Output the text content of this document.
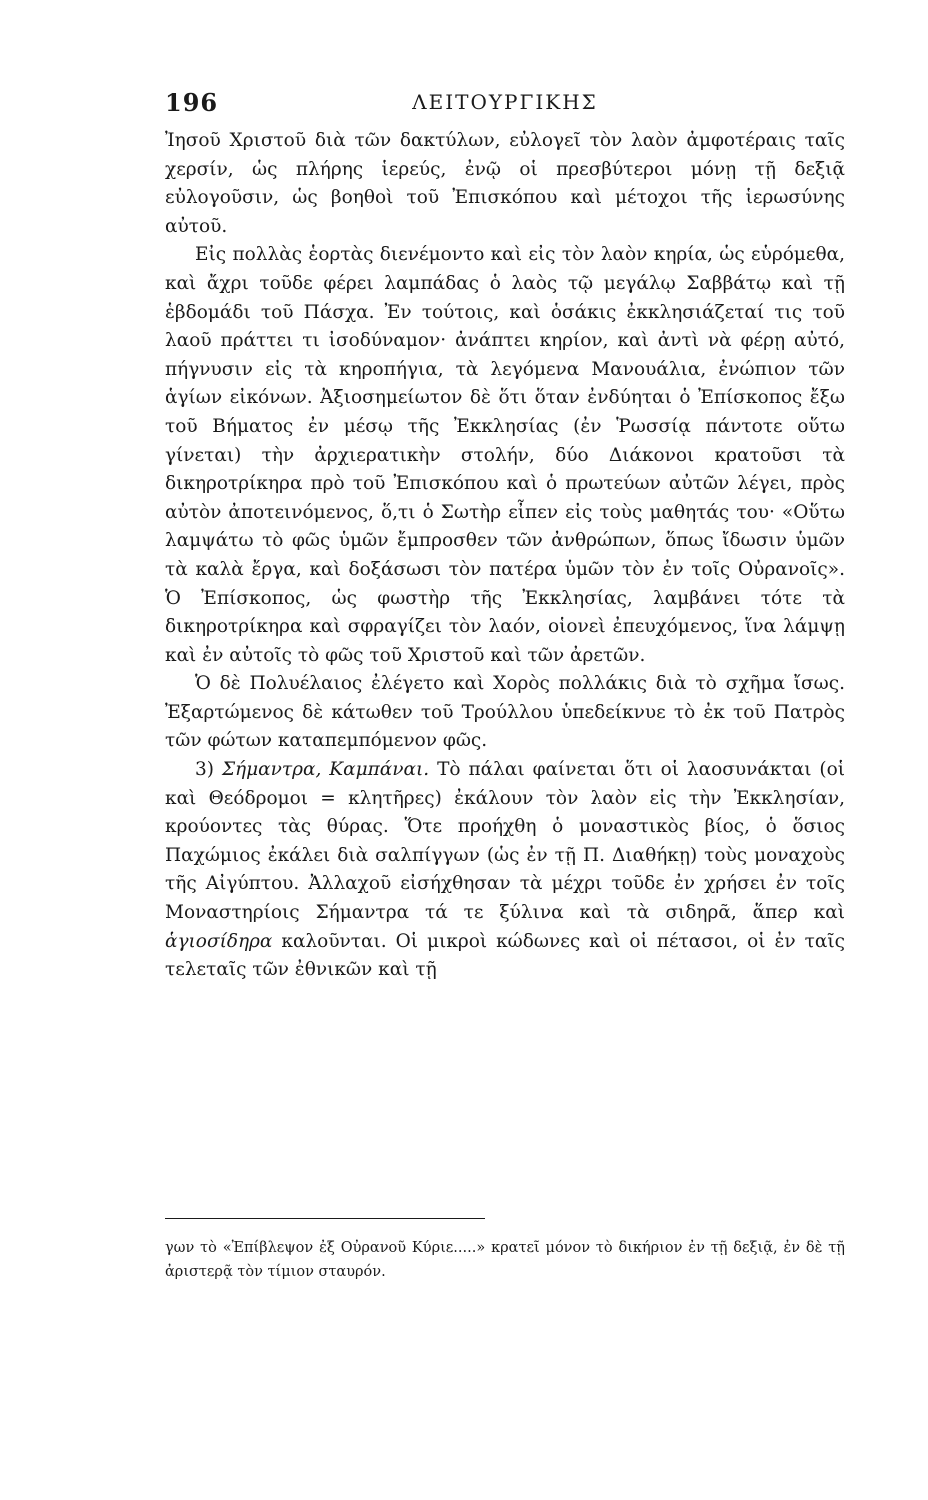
196	ΛΕΙΤΟΥΡΓΙΚΗΣ

Ἰησοῦ Χριστοῦ διὰ τῶν δακτύλων, εὐλογεῖ τὸν λαὸν ἀμφοτέραις ταῖς χερσίν, ὡς πλήρης ἱερεύς, ἐνῷ οἱ πρεσβύτεροι μόνῃ τῇ δεξιᾷ εὐλογοῦσιν, ὡς βοηθοὶ τοῦ Ἐπισκόπου καὶ μέτοχοι τῆς ἱερωσύνης αὐτοῦ.

Εἰς πολλὰς ἑορτὰς διενέμοντο καὶ εἰς τὸν λαὸν κηρία, ὡς εὑρόμεθα, καὶ ἄχρι τοῦδε φέρει λαμπάδας ὁ λαὸς τῷ μεγάλῳ Σαββάτῳ καὶ τῇ ἑβδομάδι τοῦ Πάσχα. Ἐν τούτοις, καὶ ὁσάκις ἐκκλησιάζεταί τις τοῦ λαοῦ πράττει τι ἰσοδύναμον· ἀνάπτει κηρίον, καὶ ἀντὶ νὰ φέρῃ αὐτό, πήγνυσιν εἰς τὰ κηροπήγια, τὰ λεγόμενα Μανουάλια, ἐνώπιον τῶν ἁγίων εἰκόνων. Ἀξιοσημείωτον δὲ ὅτι ὅταν ἐνδύηται ὁ Ἐπίσκοπος ἔξω τοῦ Βήματος ἐν μέσῳ τῆς Ἐκκλησίας (ἐν Ῥωσσίᾳ πάντοτε οὕτω γίνεται) τὴν ἀρχιερατικὴν στολήν, δύο Διάκονοι κρατοῦσι τὰ δικηροτρίκηρα πρὸ τοῦ Ἐπισκόπου καὶ ὁ πρωτεύων αὐτῶν λέγει, πρὸς αὐτὸν ἀποτεινόμενος, ὅ,τι ὁ Σωτὴρ εἶπεν εἰς τοὺς μαθητάς του· «Οὕτω λαμψάτω τὸ φῶς ὑμῶν ἔμπροσθεν τῶν ἀνθρώπων, ὅπως ἴδωσιν ὑμῶν τὰ καλὰ ἔργα, καὶ δοξάσωσι τὸν πατέρα ὑμῶν τὸν ἐν τοῖς Οὐρανοῖς». Ὁ Ἐπίσκοπος, ὡς φωστὴρ τῆς Ἐκκλησίας, λαμβάνει τότε τὰ δικηροτρίκηρα καὶ σφραγίζει τὸν λαόν, οἱονεὶ ἐπευχόμενος, ἵνα λάμψῃ καὶ ἐν αὐτοῖς τὸ φῶς τοῦ Χριστοῦ καὶ τῶν ἀρετῶν.

Ὁ δὲ Πολυέλαιος ἐλέγετο καὶ Χορὸς πολλάκις διὰ τὸ σχῆμα ἴσως. Ἐξαρτώμενος δὲ κάτωθεν τοῦ Τρούλλου ὑπεδείκνυε τὸ ἐκ τοῦ Πατρὸς τῶν φώτων καταπεμπόμενον φῶς.

3) Σήμαντρα, Καμπάναι. Τὸ πάλαι φαίνεται ὅτι οἱ λαοσυνάκται (οἱ καὶ Θεόδρομοι = κλητῆρες) ἐκάλουν τὸν λαὸν εἰς τὴν Ἐκκλησίαν, κρούοντες τὰς θύρας. Ὅτε προήχθη ὁ μοναστικὸς βίος, ὁ ὅσιος Παχώμιος ἐκάλει διὰ σαλπίγγων (ὡς ἐν τῇ Π. Διαθήκῃ) τοὺς μοναχοὺς τῆς Αἰγύπτου. Ἀλλαχοῦ εἰσήχθησαν τὰ μέχρι τοῦδε ἐν χρήσει ἐν τοῖς Μοναστηρίοις Σήμαντρα τά τε ξύλινα καὶ τὰ σιδηρᾶ, ἅπερ καὶ ἁγιοσίδηρα καλοῦνται. Οἱ μικροὶ κώδωνες καὶ οἱ πέτασοι, οἱ ἐν ταῖς τελεταῖς τῶν ἐθνικῶν καὶ τῇ

γων τὸ «Ἐπίβλεψον ἐξ Οὐρανοῦ Κύριε.....» κρατεῖ μόνον τὸ δικήριον ἐν τῇ δεξιᾷ, ἐν δὲ τῇ ἀριστερᾷ τὸν τίμιον σταυρόν.
